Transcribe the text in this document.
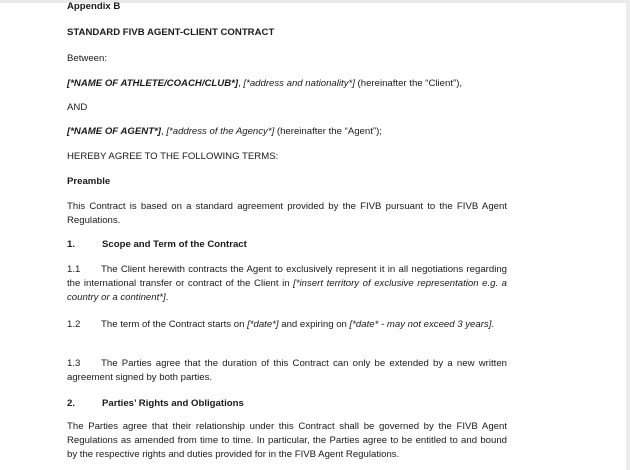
Appendix B
STANDARD FIVB AGENT-CLIENT CONTRACT
Between:
[*NAME OF ATHLETE/COACH/CLUB*], [*address and nationality*] (hereinafter the “Client”),
AND
[*NAME OF AGENT*], [*address of the Agency*] (hereinafter the “Agent”);
HEREBY AGREE TO THE FOLLOWING TERMS:
Preamble
This Contract is based on a standard agreement provided by the FIVB pursuant to the FIVB Agent Regulations.
1.	Scope and Term of the Contract
1.1 The Client herewith contracts the Agent to exclusively represent it in all negotiations regarding the international transfer or contract of the Client in [*insert territory of exclusive representation e.g. a country or a continent*].
1.2 The term of the Contract starts on [*date*] and expiring on [*date* - may not exceed 3 years].
1.3 The Parties agree that the duration of this Contract can only be extended by a new written agreement signed by both parties.
2.	Parties’ Rights and Obligations
The Parties agree that their relationship under this Contract shall be governed by the FIVB Agent Regulations as amended from time to time. In particular, the Parties agree to be entitled to and bound by the respective rights and duties provided for in the FIVB Agent Regulations.
